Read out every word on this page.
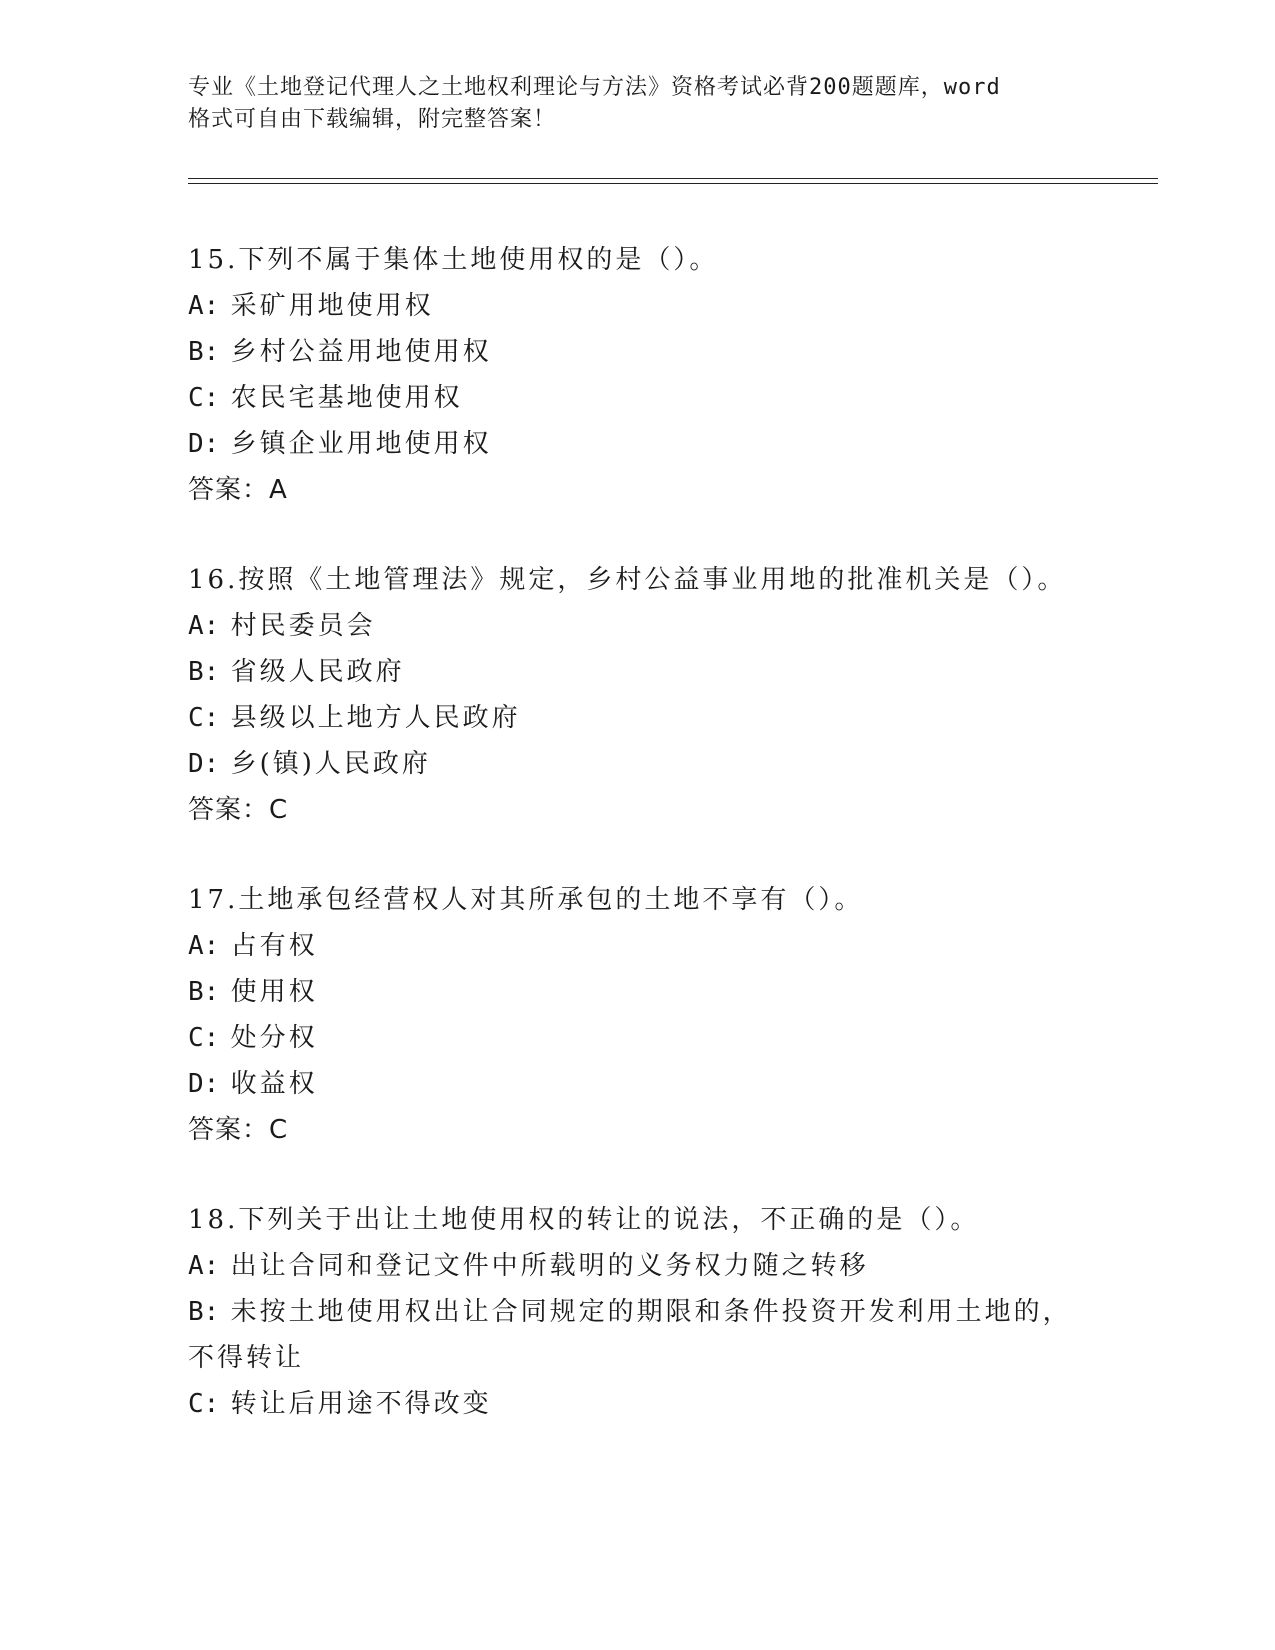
专业《土地登记代理人之土地权利理论与方法》资格考试必背200题题库，word
格式可自由下载编辑，附完整答案！
15.下列不属于集体土地使用权的是（）。
A: 采矿用地使用权
B: 乡村公益用地使用权
C: 农民宅基地使用权
D: 乡镇企业用地使用权
答案：A
16.按照《土地管理法》规定，乡村公益事业用地的批准机关是（）。
A: 村民委员会
B: 省级人民政府
C: 县级以上地方人民政府
D: 乡(镇)人民政府
答案：C
17.土地承包经营权人对其所承包的土地不享有（）。
A: 占有权
B: 使用权
C: 处分权
D: 收益权
答案：C
18.下列关于出让土地使用权的转让的说法，不正确的是（）。
A: 出让合同和登记文件中所载明的义务权力随之转移
B: 未按土地使用权出让合同规定的期限和条件投资开发利用土地的，
不得转让
C: 转让后用途不得改变
